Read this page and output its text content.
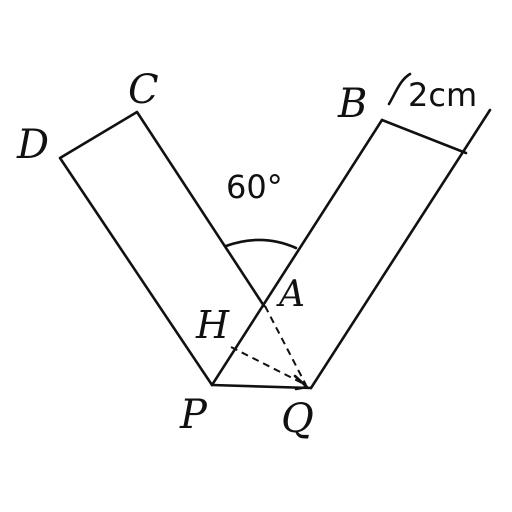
C
D
B
A
H
P Q
60°
2cm
